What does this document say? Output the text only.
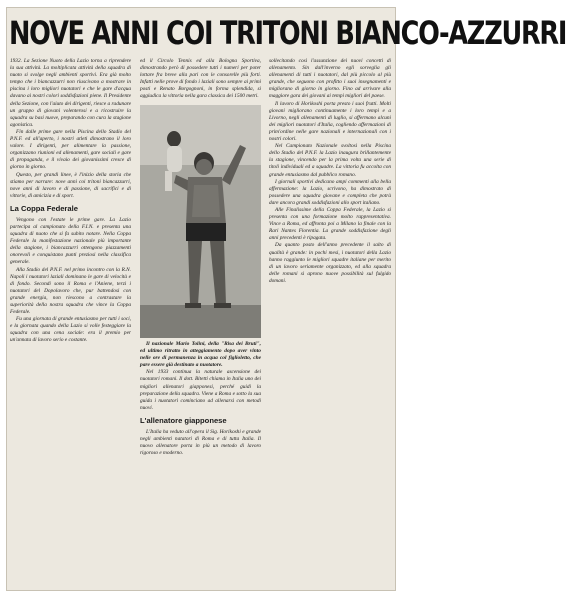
NOVE ANNI COI TRITONI BIANCO-AZZURRI

1932. La Sezione Nuoto della Lazio torna a riprendere la sua attività. La moltiplicata attività della squadra di nuoto si svolge negli ambienti sportivi. Era già molto tempo che i biancazzurri non riuscivano a mostrare in piscina i loro migliori nuotatori e che le gare d'acqua davano ai nostri colori soddisfazioni piene. Il Presidente della Sezione, con l'aiuto dei dirigenti, riesce a radunare un gruppo di giovani volenterosi e a ricostruire la squadra su basi nuove, preparando con cura la stagione agonistica.

Fin dalle prime gare nella Piscina dello Stadio del P.N.F. ed all'aperto, i nostri atleti dimostrano il loro valore. I dirigenti, per alimentare la passione, organizzano riunioni ed allenamenti, gare sociali e gare di propaganda, e il vivaio dei giovanissimi cresce di giorno in giorno.

Questo, per grandi linee, è l'inizio della storia che stiamo per narrare: nove anni coi tritoni biancazzurri, nove anni di lavoro e di passione, di sacrifici e di vittorie, di amicizia e di sport.

La Coppa Federale

Vengono con l'estate le prime gare. La Lazio partecipa al campionato della F.I.N. e presenta una squadra di nuoto che si fa subito notare. Nella Coppa Federale la manifestazione nazionale più importante della stagione, i biancazzurri ottengono piazzamenti onorevoli e conquistano punti preziosi nella classifica generale.

Alla Stadio del P.N.F. nel primo incontro con la R.N. Napoli i nuotatori laziali dominano le gare di velocità e di fondo. Secondi sono il Roma e l'Aniene, terzi i nuotatori del Dopolavoro che, pur battendosi con grande energia, non riescono a contrastare la superiorità della nostra squadra che vince la Coppa Federale.

Fu una giornata di grande entusiasmo per tutti i soci, e la giornata quando della Lazio si volle festeggiare la squadra con una cena sociale: era il premio per un'annata di lavoro serio e costante.

ed il Circolo Tennis ed alla Bologna Sportiva, dimostrando però di possedere tutti i numeri per poter lottare fra breve alla pari con le consorelle più forti. Infatti nelle prove di fondo i laziali sono sempre ai primi posti e Renato Borgognoni, in forma splendida, si aggiudica la vittoria nella gara classica dei 1500 metri.

Il nazionale Mario Tolini, della "Risa dei Bruti", ed ultimo ritratto in atteggiamento dopo aver vinto nelle ore di permanenza in acqua col figlioletto, che pare essere già destinato a nuotatore.

Nel 1933 continua la naturale ascensione dei nuotatori romani. Il dott. Bitetti chiama in Italia uno dei migliori allenatori giapponesi, perché guidi la preparazione della squadra. Viene a Roma e sotto la sua guida i nuotatori cominciano ad allenarsi con metodi nuovi.

L'allenatore giapponese

L'Italia ha veduto all'opera il Sig. Horikoshi e grande negli ambienti natatori di Roma e di tutta Italia. Il nuovo allenatore porta in più un metodo di lavoro rigoroso e moderno.

sollecitando così l'assunzione dei nuovi concetti di allenamento. Sin dall'inverno egli sorveglia gli allenamenti di tutti i nuotatori, dal più piccolo al più grande, che seguono con profitto i suoi insegnamenti e migliorano di giorno in giorno. Fino ad arrivare alla maggiore gara dei giovani ai tempi migliori del paese.

Il lavoro di Horikoshi porta presto i suoi frutti. Molti giovani migliorano continuamente i loro tempi e a Livorno, negli allenamenti di luglio, si affermano alcuni dei migliori nuotatori d'Italia, cogliendo affermazioni di prim'ordine nelle gare nazionali e internazionali con i nostri colori.

Nel Campionato Nazionale svoltosi nella Piscina dello Stadio del P.N.F. la Lazio inaugura brillantemente la stagione, vincendo per la prima volta una serie di titoli individuali ed a squadre. La vittoria fu accolta con grande entusiasmo dal pubblico romano.

I giornali sportivi dedicano ampi commenti alla bella affermazione: la Lazio, scrivono, ha dimostrato di possedere una squadra giovane e completa che potrà dare ancora grandi soddisfazioni allo sport italiano.

Alle Finalissime della Coppa Federale, la Lazio si presenta con una formazione molto rappresentativa. Vince a Roma, ed affronta poi a Milano la finale con la Rari Nantes Florentia. La grande soddisfazione degli anni precedenti è ripagata.

Da quanto posto dell'anno precedente il salto di qualità è grande: in pochi mesi, i nuotatori della Lazio hanno raggiunto le migliori squadre italiane per merito di un lavoro seriamente organizzato, ed alla squadra delle romani si aprono nuove possibilità sul fulgido domani.
